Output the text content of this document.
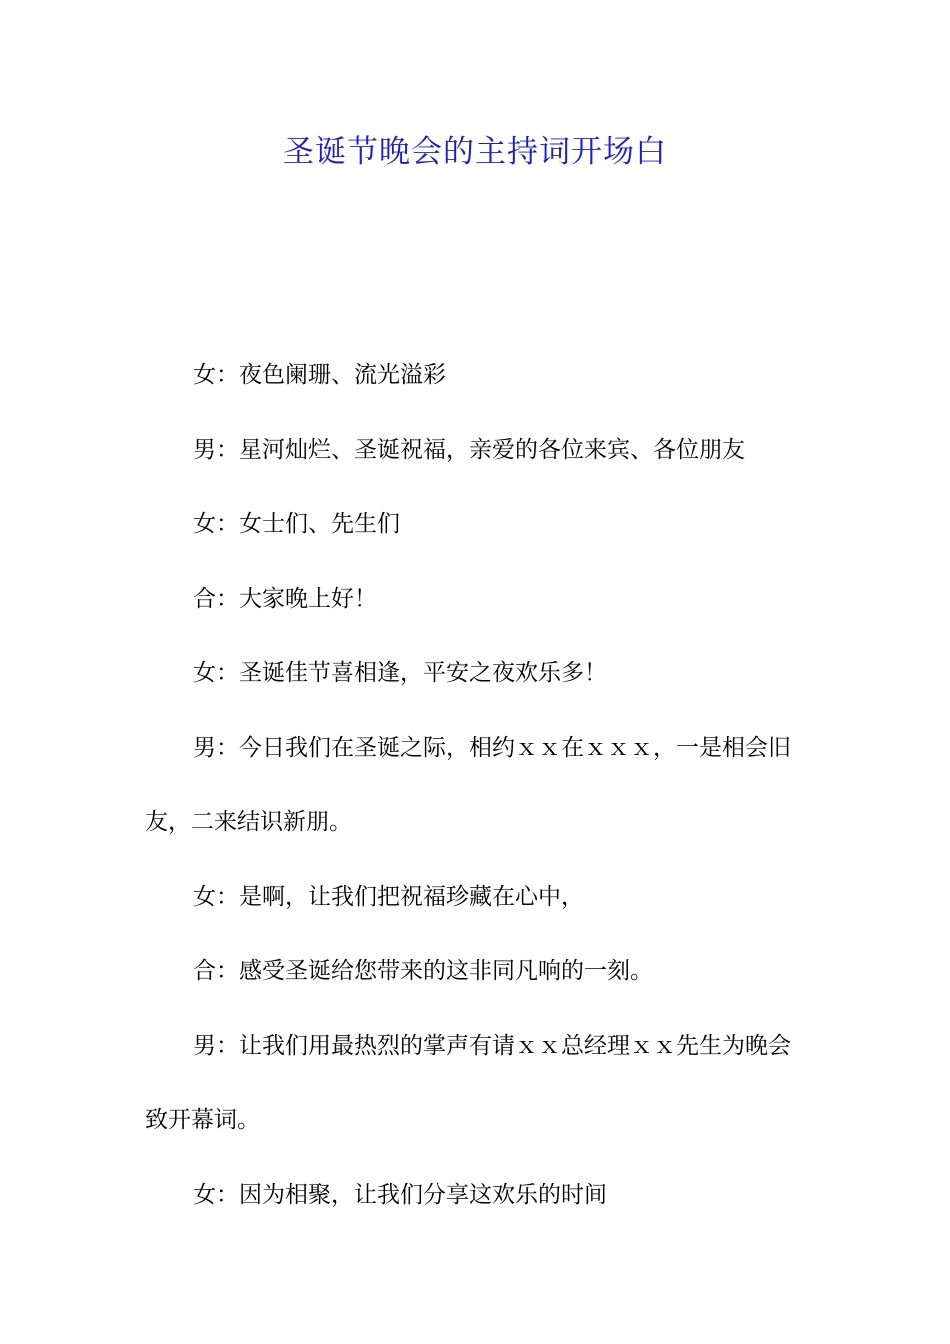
圣诞节晚会的主持词开场白

女：夜色阑珊、流光溢彩

男：星河灿烂、圣诞祝福，亲爱的各位来宾、各位朋友

女：女士们、先生们

合：大家晚上好！

女：圣诞佳节喜相逢，平安之夜欢乐多！

男：今日我们在圣诞之际，相约ｘｘ在ｘｘｘ，一是相会旧友，二来结识新朋。

女：是啊，让我们把祝福珍藏在心中，

合：感受圣诞给您带来的这非同凡响的一刻。

男：让我们用最热烈的掌声有请ｘｘ总经理ｘｘ先生为晚会致开幕词。

女：因为相聚，让我们分享这欢乐的时间
